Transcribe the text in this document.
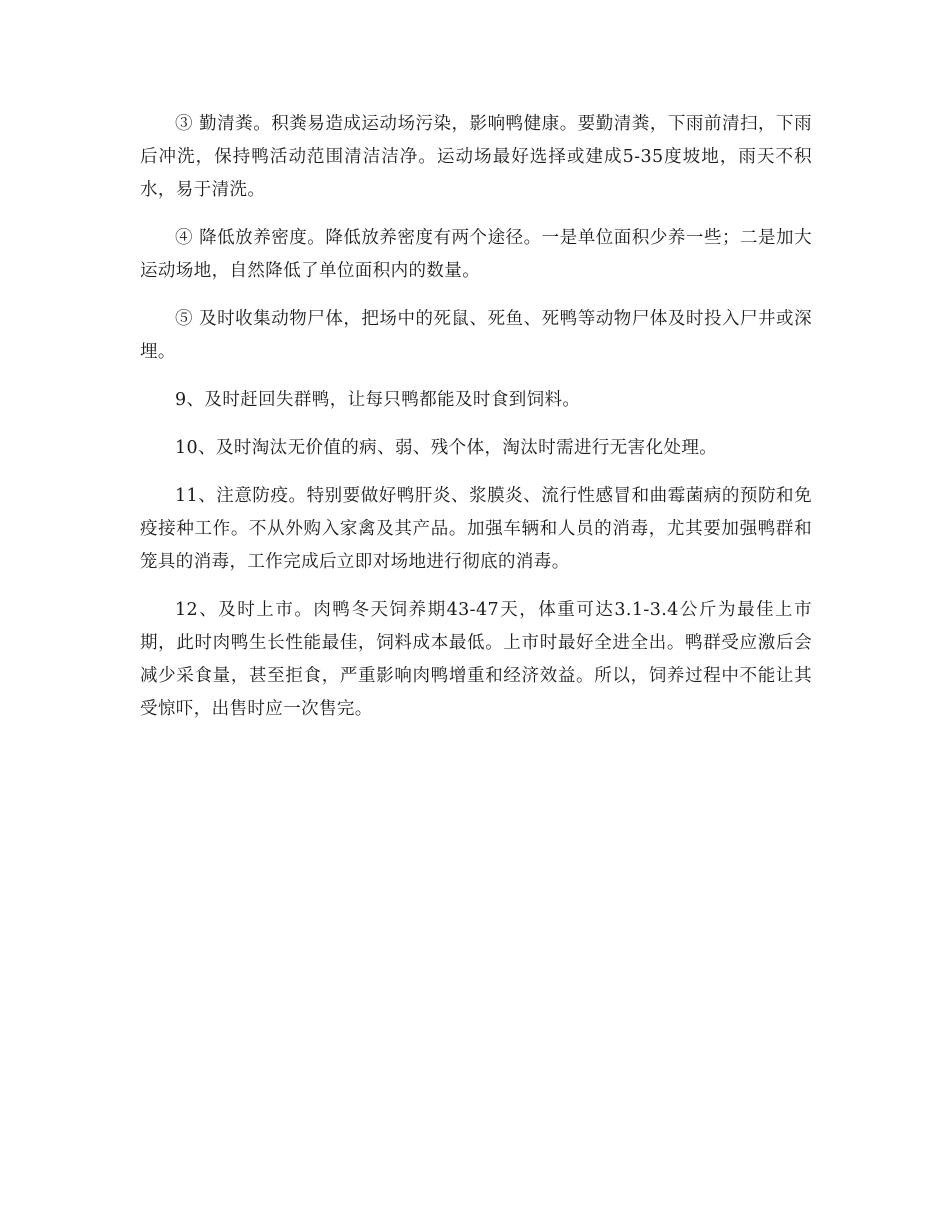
③ 勤清粪。积粪易造成运动场污染，影响鸭健康。要勤清粪，下雨前清扫，下雨后冲洗，保持鸭活动范围清洁洁净。运动场最好选择或建成5-35度坡地，雨天不积水，易于清洗。

④ 降低放养密度。降低放养密度有两个途径。一是单位面积少养一些；二是加大运动场地，自然降低了单位面积内的数量。

⑤ 及时收集动物尸体，把场中的死鼠、死鱼、死鸭等动物尸体及时投入尸井或深埋。

9、及时赶回失群鸭，让每只鸭都能及时食到饲料。

10、及时淘汰无价值的病、弱、残个体，淘汰时需进行无害化处理。

11、注意防疫。特别要做好鸭肝炎、浆膜炎、流行性感冒和曲霉菌病的预防和免疫接种工作。不从外购入家禽及其产品。加强车辆和人员的消毒，尤其要加强鸭群和笼具的消毒，工作完成后立即对场地进行彻底的消毒。

12、及时上市。肉鸭冬天饲养期43-47天，体重可达3.1-3.4公斤为最佳上市期，此时肉鸭生长性能最佳，饲料成本最低。上市时最好全进全出。鸭群受应激后会减少采食量，甚至拒食，严重影响肉鸭增重和经济效益。所以，饲养过程中不能让其受惊吓，出售时应一次售完。
